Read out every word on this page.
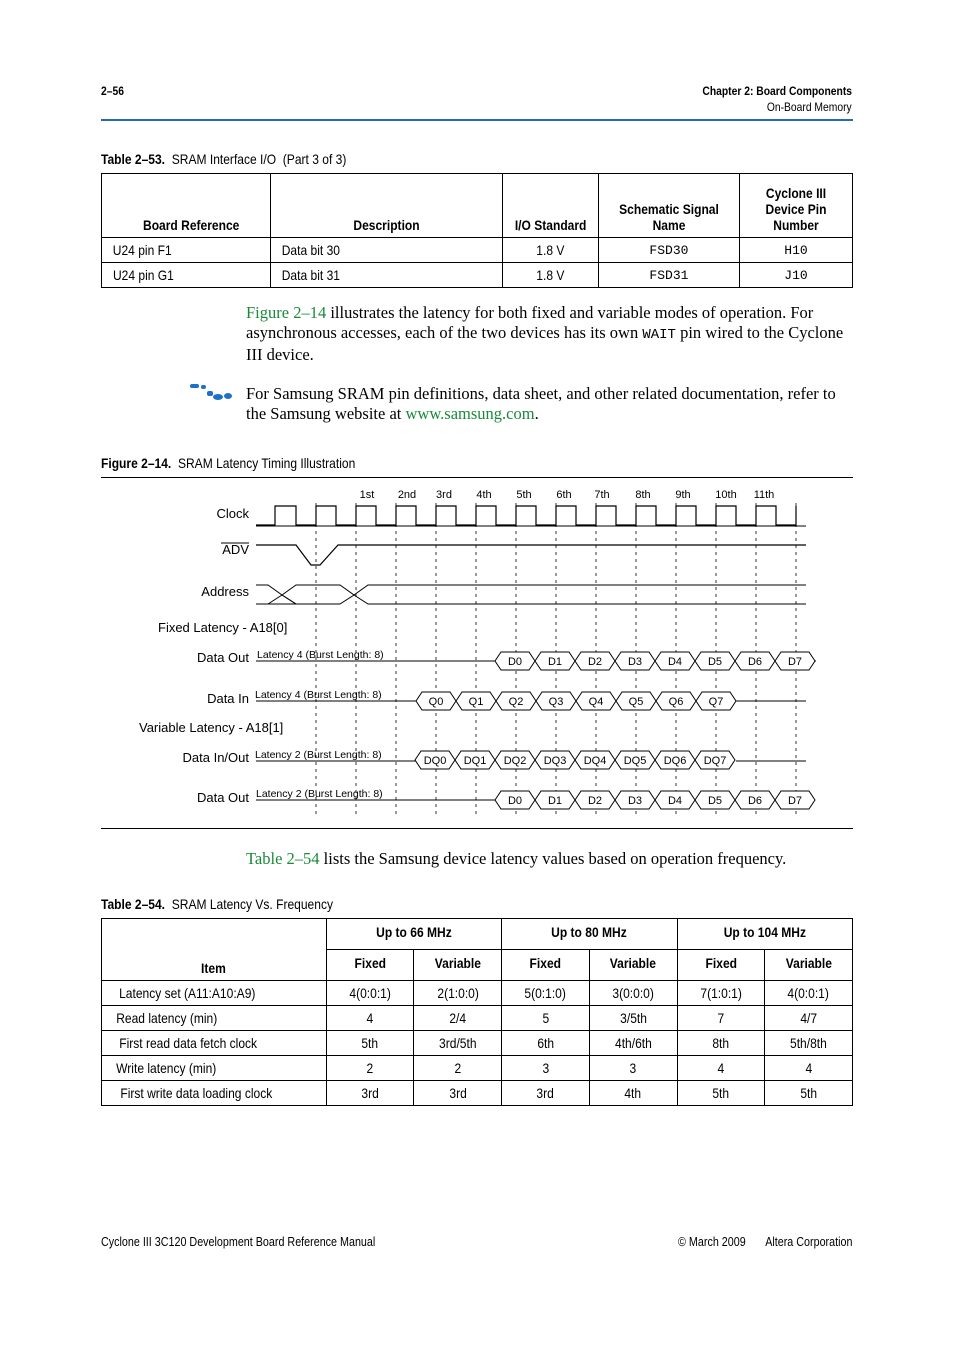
2–56	Chapter 2: Board Components
On-Board Memory
Table 2–53. SRAM Interface I/O (Part 3 of 3)
Board Reference	Description	I/O Standard	Schematic Signal Name	Cyclone III Device Pin Number
U24 pin F1	Data bit 30	1.8 V	FSD30	H10
U24 pin G1	Data bit 31	1.8 V	FSD31	J10
Figure 2–14 illustrates the latency for both fixed and variable modes of operation. For asynchronous accesses, each of the two devices has its own WAIT pin wired to the Cyclone III device.
For Samsung SRAM pin definitions, data sheet, and other related documentation, refer to the Samsung website at www.samsung.com.
Figure 2–14. SRAM Latency Timing Illustration
1st 2nd 3rd 4th 5th 6th 7th 8th 9th 10th 11th
Clock
ADV
Address
Fixed Latency - A18[0]
Data Out
Data In
Variable Latency - A18[1]
Data In/Out
Data Out
Latency 4 (Burst Length: 8)
Latency 4 (Burst Length: 8)
Latency 2 (Burst Length: 8)
Latency 2 (Burst Length: 8)
D0 D1 D2 D3 D4 D5 D6 D7
Q0 Q1 Q2 Q3 Q4 Q5 Q6 Q7
DQ0 DQ1 DQ2 DQ3 DQ4 DQ5 DQ6 DQ7
D0 D1 D2 D3 D4 D5 D6 D7
Table 2–54 lists the Samsung device latency values based on operation frequency.
Table 2–54. SRAM Latency Vs. Frequency
Item	Up to 66 MHz		Up to 80 MHz		Up to 104 MHz	
	Fixed	Variable	Fixed	Variable	Fixed	Variable
Latency set (A11:A10:A9)	4(0:0:1)	2(1:0:0)	5(0:1:0)	3(0:0:0)	7(1:0:1)	4(0:0:1)
Read latency (min)	4	2/4	5	3/5th	7	4/7
First read data fetch clock	5th	3rd/5th	6th	4th/6th	8th	5th/8th
Write latency (min)	2	2	3	3	4	4
First write data loading clock	3rd	3rd	3rd	4th	5th	5th
Cyclone III 3C120 Development Board Reference Manual	© March 2009 Altera Corporation
